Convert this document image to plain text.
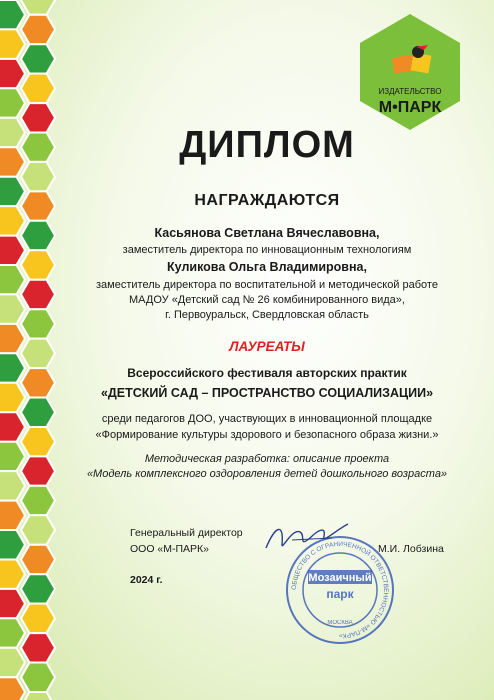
ИЗДАТЕЛЬСТВО
М•ПАРК
ДИПЛОМ
НАГРАЖДАЮТСЯ
Касьянова Светлана Вячеславовна,
заместитель директора по инновационным технологиям
Куликова Ольга Владимировна,
заместитель директора по воспитательной и методической работе
МАДОУ «Детский сад № 26 комбинированного вида»,
г. Первоуральск, Свердловская область
ЛАУРЕАТЫ
Всероссийского фестиваля авторских практик
«ДЕТСКИЙ САД – ПРОСТРАНСТВО СОЦИАЛИЗАЦИИ»
среди педагогов ДОО, участвующих в инновационной площадке
«Формирование культуры здорового и безопасного образа жизни.»
Методическая разработка: описание проекта
«Модель комплексного оздоровления детей дошкольного возраста»
Генеральный директор
ООО «М-ПАРК»	М.И. Лобзина
2024 г.
ОБЩЕСТВО С ОГРАНИЧЕННОЙ ОТВЕТСТВЕННОСТЬЮ «М-ПАРК»
Мозаичный
парк
МОСКВА
